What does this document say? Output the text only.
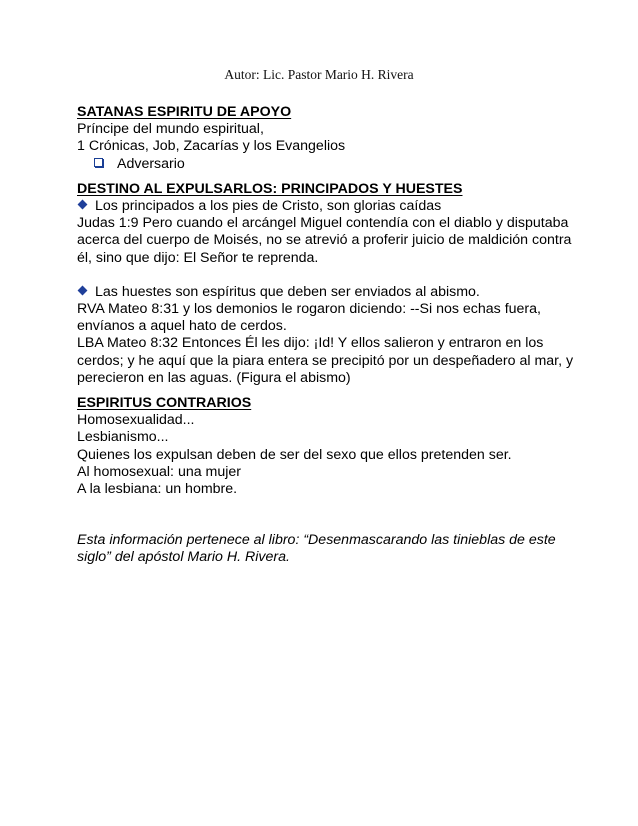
Autor: Lic. Pastor Mario H. Rivera
SATANAS ESPIRITU DE APOYO
Príncipe del mundo espiritual,
1 Crónicas, Job, Zacarías y los Evangelios
Adversario
DESTINO AL EXPULSARLOS: PRINCIPADOS Y HUESTES
Los principados a los pies de Cristo, son glorias caídas
Judas 1:9 Pero cuando el arcángel Miguel contendía con el diablo y disputaba
acerca del cuerpo de Moisés, no se atrevió a proferir juicio de maldición contra
él, sino que dijo: El Señor te reprenda.
Las huestes son espíritus que deben ser enviados al abismo.
RVA Mateo 8:31 y los demonios le rogaron diciendo: --Si nos echas fuera,
envíanos a aquel hato de cerdos.
LBA Mateo 8:32 Entonces Él les dijo: ¡Id! Y ellos salieron y entraron en los
cerdos; y he aquí que la piara entera se precipitó por un despeñadero al mar, y
perecieron en las aguas. (Figura el abismo)
ESPIRITUS CONTRARIOS
Homosexualidad...
Lesbianismo...
Quienes los expulsan deben de ser del sexo que ellos pretenden ser.
Al homosexual: una mujer
A la lesbiana: un hombre.
Esta información pertenece al libro: “Desenmascarando las tinieblas de este
siglo” del apóstol Mario H. Rivera.
